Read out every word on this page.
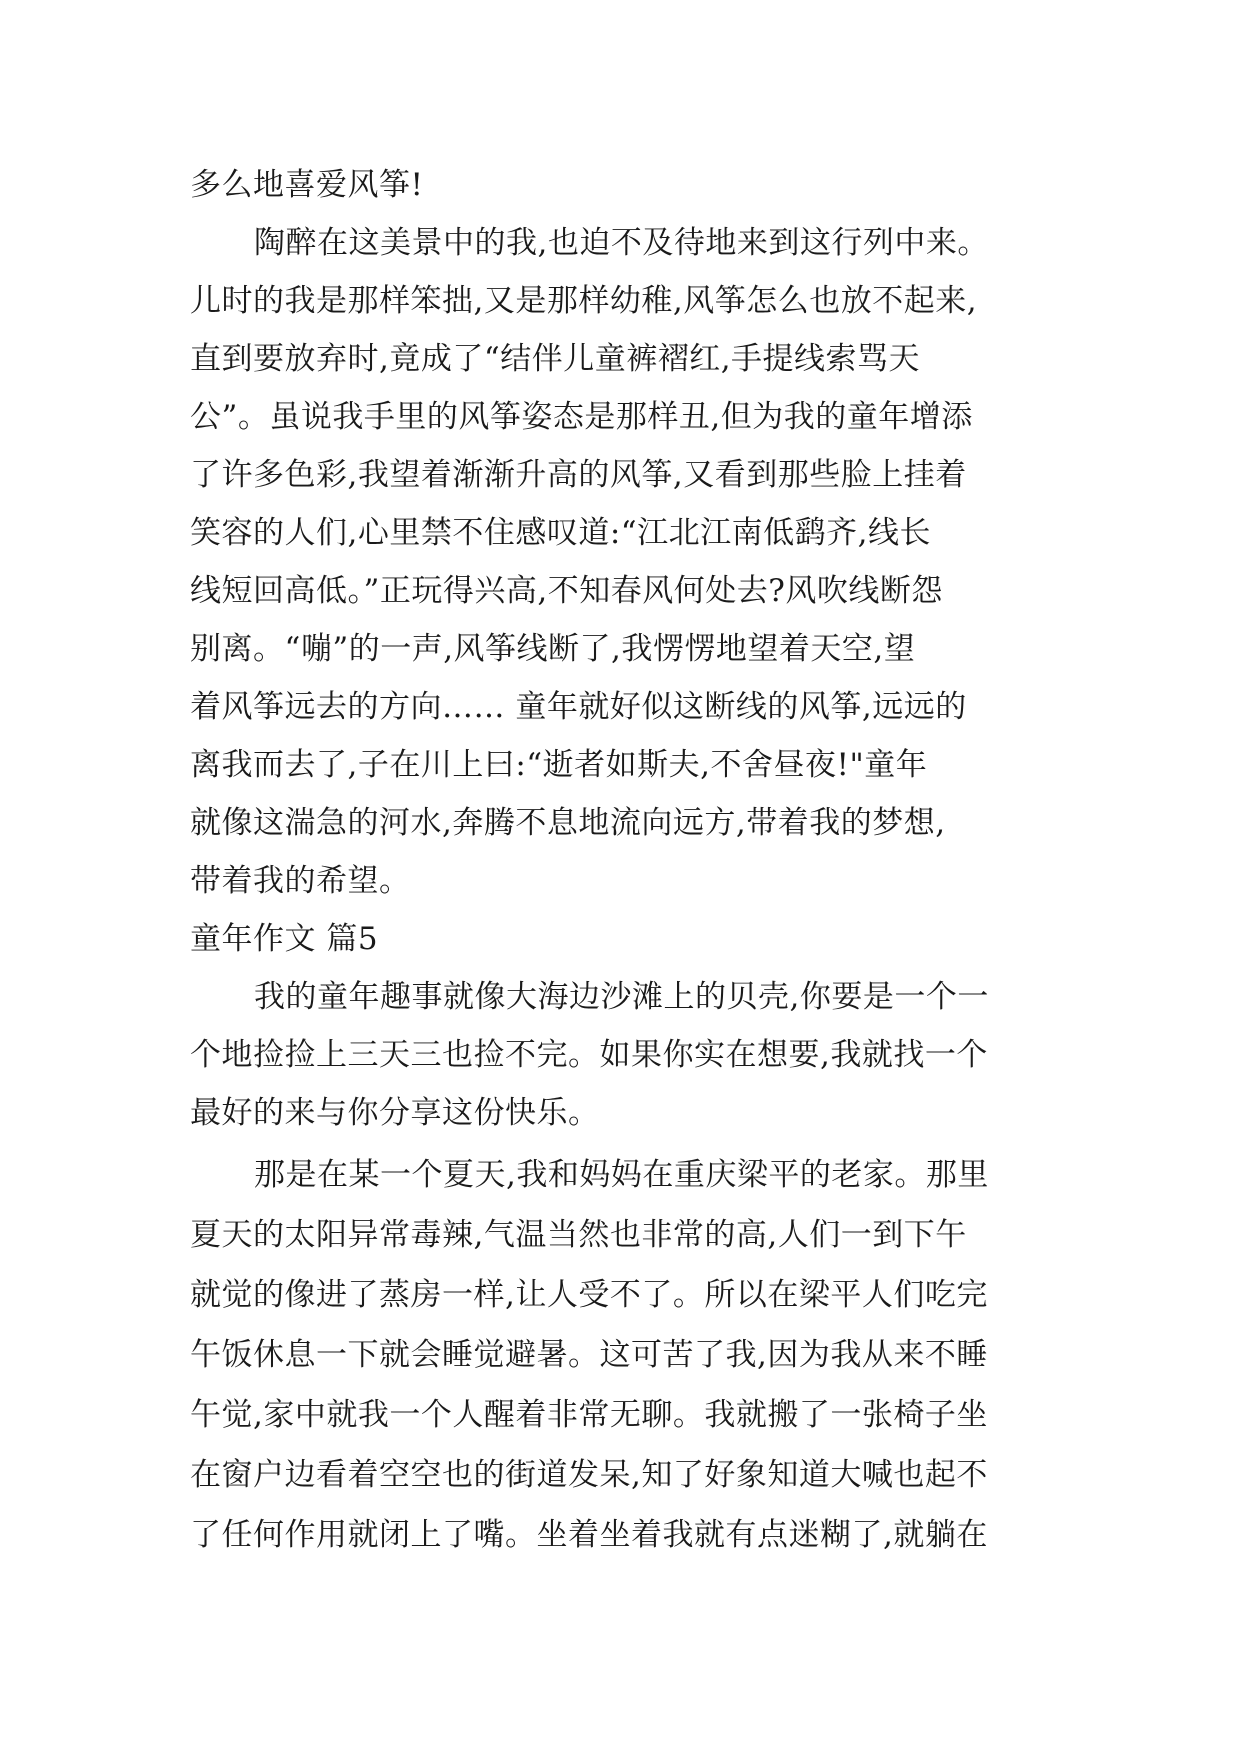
多么地喜爱风筝!
陶醉在这美景中的我,也迫不及待地来到这行列中来。
儿时的我是那样笨拙,又是那样幼稚,风筝怎么也放不起来,
直到要放弃时,竟成了“结伴儿童裤褶红,手提线索骂天
公”。虽说我手里的风筝姿态是那样丑,但为我的童年增添
了许多色彩,我望着渐渐升高的风筝,又看到那些脸上挂着
笑容的人们,心里禁不住感叹道:“江北江南低鹞齐,线长
线短回高低。”正玩得兴高,不知春风何处去?风吹线断怨
别离。“嘣”的一声,风筝线断了,我愣愣地望着天空,望
着风筝远去的方向…… 童年就好似这断线的风筝,远远的
离我而去了,子在川上曰:“逝者如斯夫,不舍昼夜!"童年
就像这湍急的河水,奔腾不息地流向远方,带着我的梦想,
带着我的希望。
童年作文 篇5
我的童年趣事就像大海边沙滩上的贝壳,你要是一个一
个地捡捡上三天三也捡不完。如果你实在想要,我就找一个
最好的来与你分享这份快乐。
那是在某一个夏天,我和妈妈在重庆梁平的老家。那里
夏天的太阳异常毒辣,气温当然也非常的高,人们一到下午
就觉的像进了蒸房一样,让人受不了。所以在梁平人们吃完
午饭休息一下就会睡觉避暑。这可苦了我,因为我从来不睡
午觉,家中就我一个人醒着非常无聊。我就搬了一张椅子坐
在窗户边看着空空也的街道发呆,知了好象知道大喊也起不
了任何作用就闭上了嘴。坐着坐着我就有点迷糊了,就躺在
